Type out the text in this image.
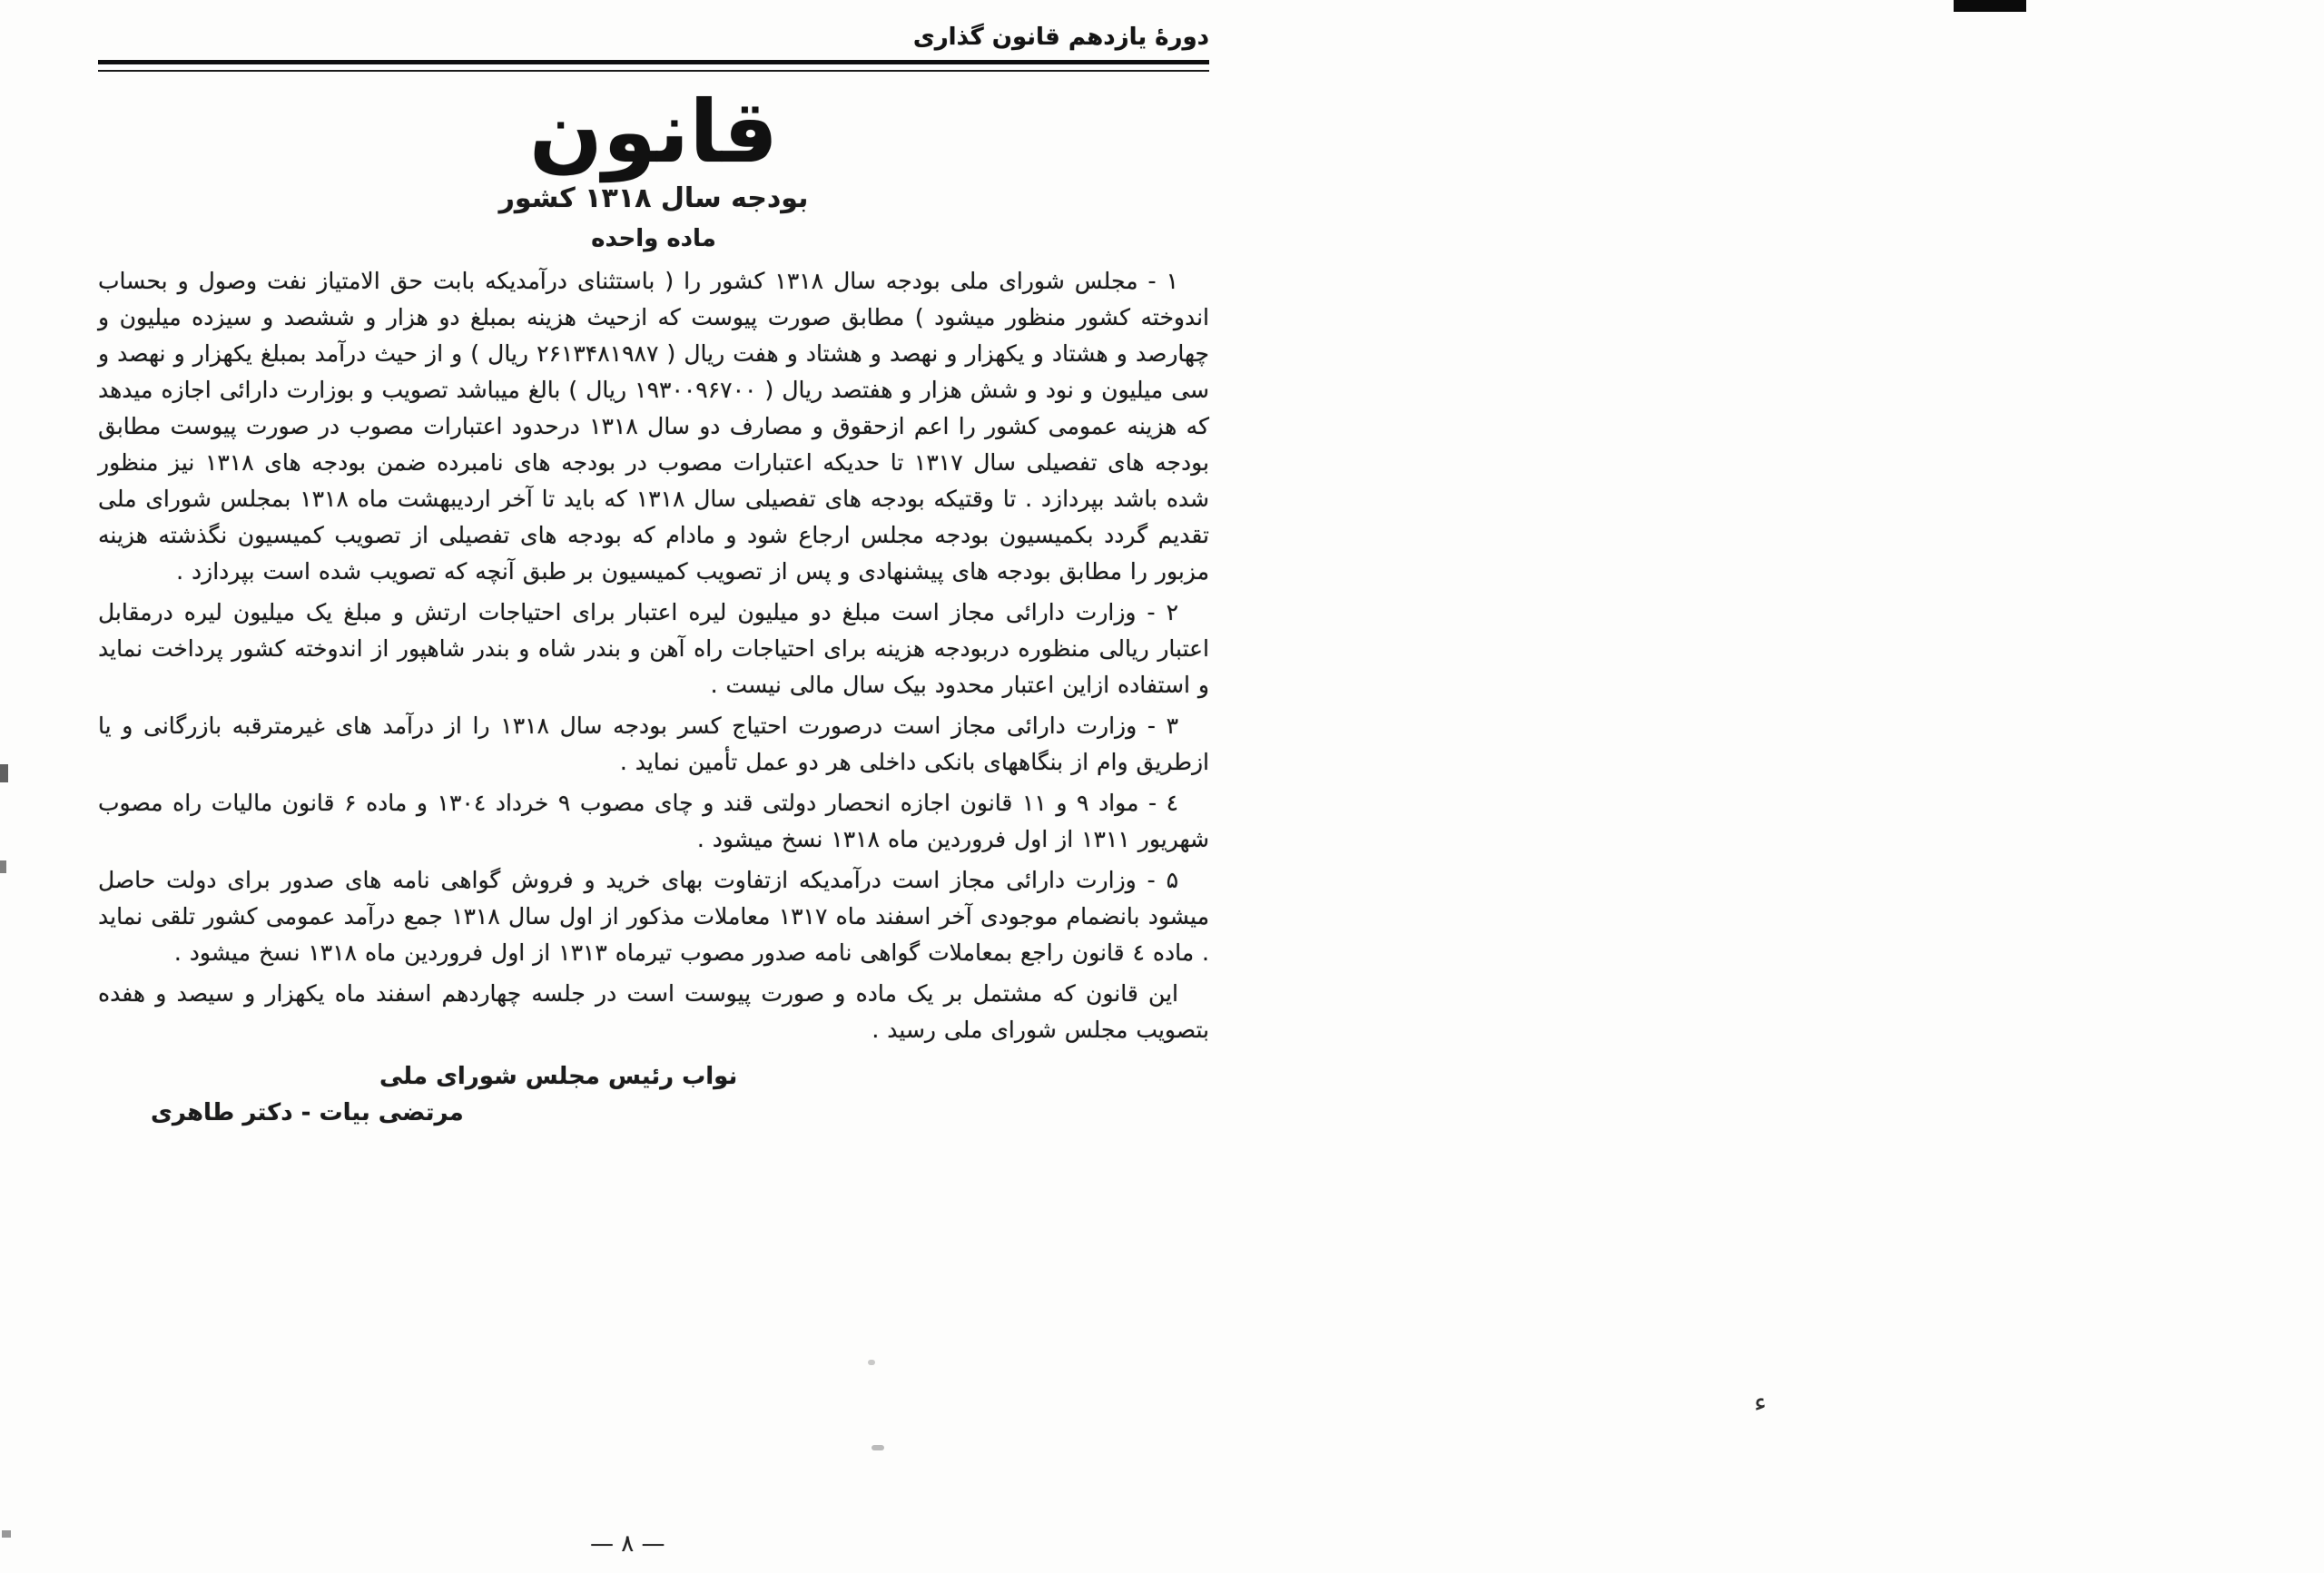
دورهٔ یازدهم قانون گذاری
قانون
بودجه سال ۱۳۱۸ کشور
ماده واحده

۱ - مجلس شورای ملی بودجه سال ۱۳۱۸ کشور را ( باستثنای درآمدیکه بابت حق الامتیاز نفت وصول و بحساب اندوخته کشور منظور میشود ) مطابق صورت پیوست که ازحیث هزینه بمبلغ دو هزار و ششصد و سیزده میلیون و چهارصد و هشتاد و یکهزار و نهصد و هشتاد و هفت ریال ( ۲۶۱۳۴۸۱۹۸۷ ریال ) و از حیث درآمد بمبلغ یکهزار و نهصد و سی میلیون و نود و شش هزار و هفتصد ریال ( ۱۹۳۰۰۹۶۷۰۰ ریال ) بالغ میباشد تصویب و بوزارت دارائی اجازه میدهد که هزینه عمومی کشور را اعم ازحقوق و مصارف دو سال ۱۳۱۸ درحدود اعتبارات مصوب در صورت پیوست مطابق بودجه های تفصیلی سال ۱۳۱۷ تا حدیکه اعتبارات مصوب در بودجه های نامبرده ضمن بودجه های ۱۳۱۸ نیز منظور شده باشد بپردازد . تا وقتیکه بودجه های تفصیلی سال ۱۳۱۸ که باید تا آخر اردیبهشت ماه ۱۳۱۸ بمجلس شورای ملی تقدیم گردد بکمیسیون بودجه مجلس ارجاع شود و مادام که بودجه های تفصیلی از تصویب کمیسیون نگذشته هزینه مزبور را مطابق بودجه های پیشنهادی و پس از تصویب کمیسیون بر طبق آنچه که تصویب شده است بپردازد .

۲ - وزارت دارائی مجاز است مبلغ دو میلیون لیره اعتبار برای احتیاجات ارتش و مبلغ یک میلیون لیره درمقابل اعتبار ریالی منظوره دربودجه هزینه برای احتیاجات راه آهن و بندر شاه و بندر شاهپور از اندوخته کشور پرداخت نماید و استفاده ازاین اعتبار محدود بیک سال مالی نیست .

۳ - وزارت دارائی مجاز است درصورت احتیاج کسر بودجه سال ۱۳۱۸ را از درآمد های غیرمترقبه بازرگانی و یا ازطریق وام از بنگاههای بانکی داخلی هر دو عمل تأمین نماید .

٤ - مواد ۹ و ۱۱ قانون اجازه انحصار دولتی قند و چای مصوب ۹ خرداد ۱۳۰٤ و ماده ۶ قانون مالیات راه مصوب شهریور ۱۳۱۱ از اول فروردین ماه ۱۳۱۸ نسخ میشود .

۵ - وزارت دارائی مجاز است درآمدیکه ازتفاوت بهای خرید و فروش گواهی نامه های صدور برای دولت حاصل میشود بانضمام موجودی آخر اسفند ماه ۱۳۱۷ معاملات مذکور از اول سال ۱۳۱۸ جمع درآمد عمومی کشور تلقی نماید . ماده ٤ قانون راجع بمعاملات گواهی نامه صدور مصوب تیرماه ۱۳۱۳ از اول فروردین ماه ۱۳۱۸ نسخ میشود .

این قانون که مشتمل بر یک ماده و صورت پیوست است در جلسه چهاردهم اسفند ماه یکهزار و سیصد و هفده بتصویب مجلس شورای ملی رسید .

نواب رئیس مجلس شورای ملی
مرتضی بیات - دکتر طاهری
— ۸ —
ء
